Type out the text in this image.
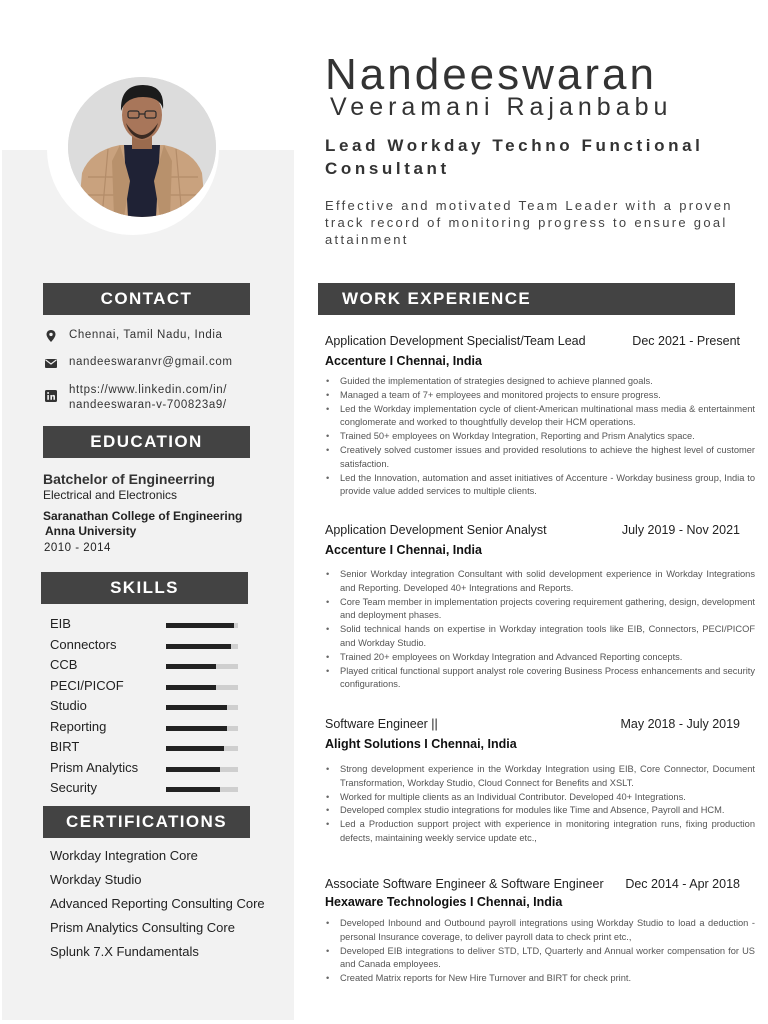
Nandeeswaran
Veeramani Rajanbabu
Lead Workday Techno Functional Consultant
Effective and motivated Team Leader with a proven track record of monitoring progress to ensure goal attainment
CONTACT
Chennai, Tamil Nadu, India
nandeeswaranvr@gmail.com
https://www.linkedin.com/in/
nandeeswaran-v-700823a9/
EDUCATION
Batchelor of Engineerring
Electrical and Electronics
Saranathan College of Engineering
Anna University
2010 - 2014
SKILLS
EIB
Connectors
CCB
PECI/PICOF
Studio
Reporting
BIRT
Prism Analytics
Security
CERTIFICATIONS
Workday Integration Core
Workday Studio
Advanced Reporting Consulting Core
Prism Analytics Consulting Core
Splunk 7.X Fundamentals
WORK EXPERIENCE
Application Development Specialist/Team Lead	Dec 2021 - Present
Accenture I Chennai, India
• Guided the implementation of strategies designed to achieve planned goals.
• Managed a team of 7+ employees and monitored projects to ensure progress.
• Led the Workday implementation cycle of client-American multinational mass media & entertainment conglomerate and worked to thoughtfully develop their HCM operations.
• Trained 50+ employees on Workday Integration, Reporting and Prism Analytics space.
• Creatively solved customer issues and provided resolutions to achieve the highest level of customer satisfaction.
• Led the Innovation, automation and asset initiatives of Accenture - Workday business group, India to provide value added services to multiple clients.
Application Development Senior Analyst	July 2019 - Nov 2021
Accenture I Chennai, India
• Senior Workday integration Consultant with solid development experience in Workday Integrations and Reporting. Developed 40+ Integrations and Reports.
• Core Team member in implementation projects covering requirement gathering, design, development and deployment phases.
• Solid technical hands on expertise in Workday integration tools like EIB, Connectors, PECI/PICOF and Workday Studio.
• Trained 20+ employees on Workday Integration and Advanced Reporting concepts.
• Played critical functional support analyst role covering Business Process enhancements and security configurations.
Software Engineer ||	May 2018 - July 2019
Alight Solutions I Chennai, India
• Strong development experience in the Workday Integration using EIB, Core Connector, Document Transformation, Workday Studio, Cloud Connect for Benefits and XSLT.
• Worked for multiple clients as an Individual Contributor. Developed 40+ Integrations.
• Developed complex studio integrations for modules like Time and Absence, Payroll and HCM.
• Led a Production support project with experience in monitoring integration runs, fixing production defects, maintaining weekly service update etc.,
Associate Software Engineer & Software Engineer Dec 2014 - Apr 2018
Hexaware Technologies I Chennai, India
• Developed Inbound and Outbound payroll integrations using Workday Studio to load a deduction - personal Insurance coverage, to deliver payroll data to check print etc.,
• Developed EIB integrations to deliver STD, LTD, Quarterly and Annual worker compensation for US and Canada employees.
• Created Matrix reports for New Hire Turnover and BIRT for check print.
